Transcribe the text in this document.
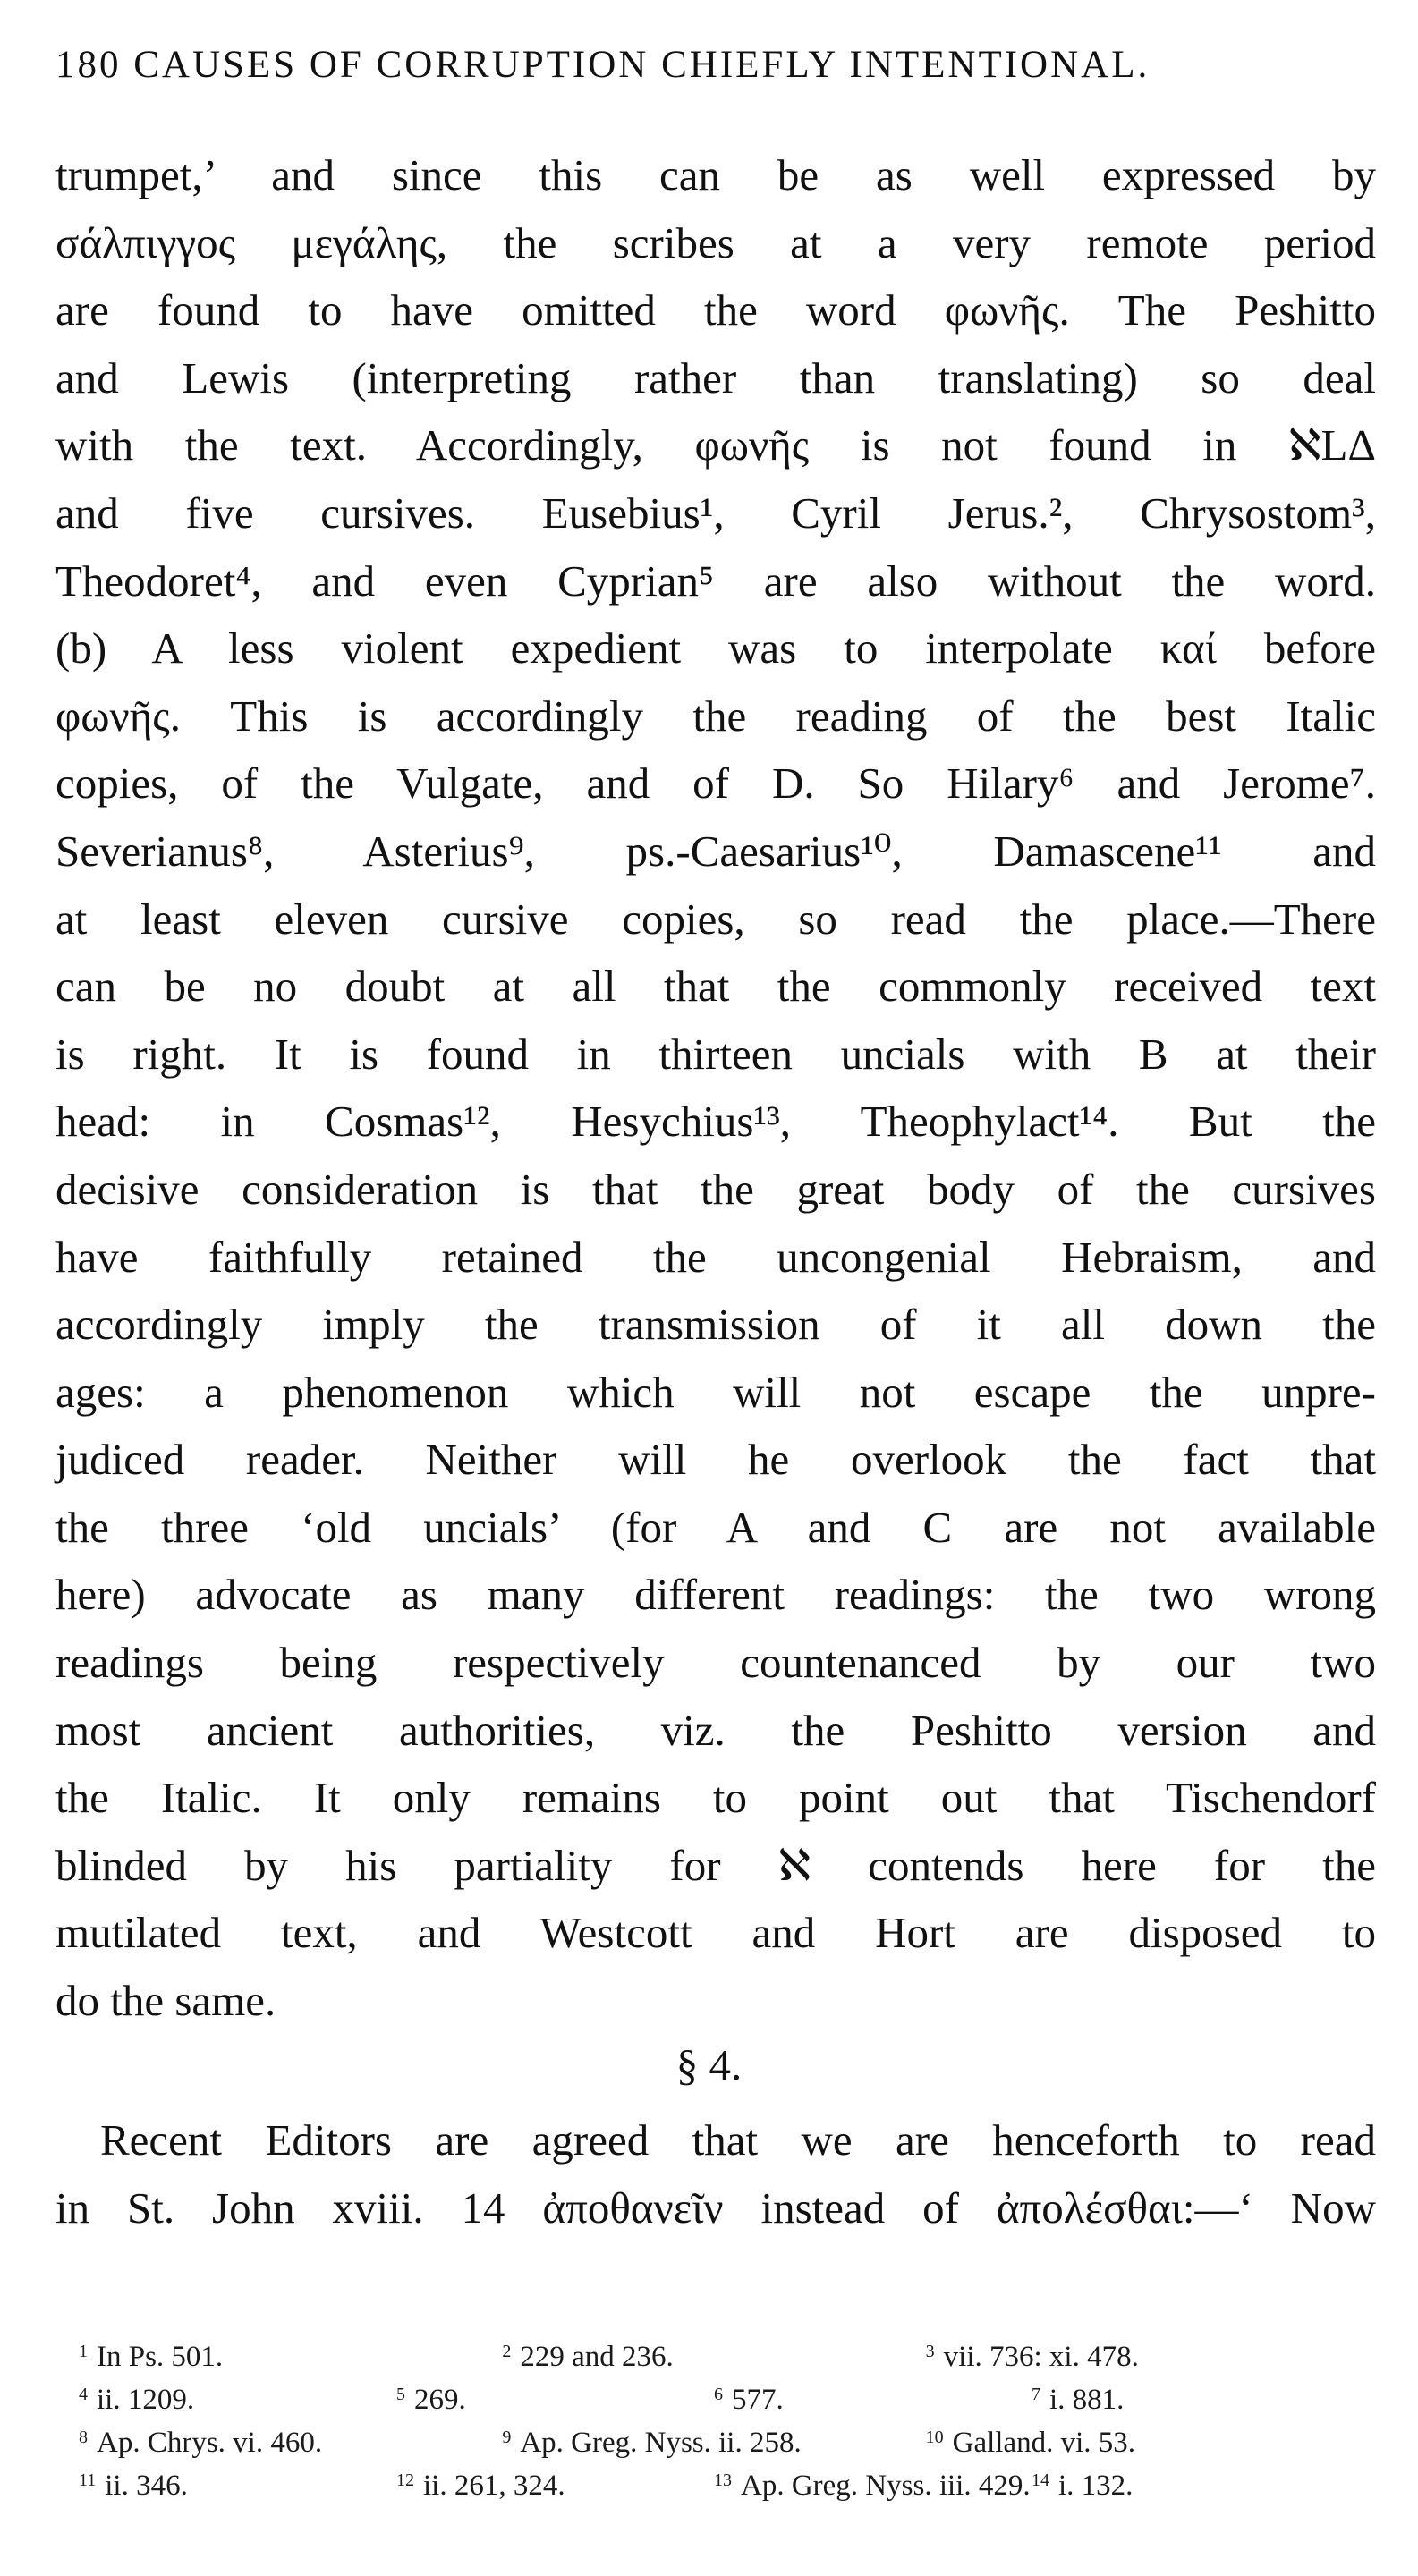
180 CAUSES OF CORRUPTION CHIEFLY INTENTIONAL.
trumpet,’ and since this can be as well expressed by
σάλπιγγος μεγάλης, the scribes at a very remote period
are found to have omitted the word φωνῆς. The Peshitto
and Lewis (interpreting rather than translating) so deal
with the text. Accordingly, φωνῆς is not found in ℵLΔ
and five cursives. Eusebius¹, Cyril Jerus.², Chrysostom³,
Theodoret⁴, and even Cyprian⁵ are also without the word.
(b) A less violent expedient was to interpolate καί before
φωνῆς. This is accordingly the reading of the best Italic
copies, of the Vulgate, and of D. So Hilary⁶ and Jerome⁷.
Severianus⁸, Asterius⁹, ps.-Caesarius¹⁰, Damascene¹¹ and
at least eleven cursive copies, so read the place.—There
can be no doubt at all that the commonly received text
is right. It is found in thirteen uncials with B at their
head: in Cosmas¹², Hesychius¹³, Theophylact¹⁴. But the
decisive consideration is that the great body of the cursives
have faithfully retained the uncongenial Hebraism, and
accordingly imply the transmission of it all down the
ages: a phenomenon which will not escape the unpre-
judiced reader. Neither will he overlook the fact that
the three ‘old uncials’ (for A and C are not available
here) advocate as many different readings: the two wrong
readings being respectively countenanced by our two
most ancient authorities, viz. the Peshitto version and
the Italic. It only remains to point out that Tischendorf
blinded by his partiality for ℵ contends here for the
mutilated text, and Westcott and Hort are disposed to
do the same.
§ 4.
Recent Editors are agreed that we are henceforth to read
in St. John xviii. 14 ἀποθανεῖν instead of ἀπολέσθαι:—‘ Now
$^1$ In Ps. 501.	$^2$ 229 and 236.	$^3$ vii. 736: xi. 478.
$^4$ ii. 1209.	$^5$ 269.	$^6$ 577.	$^7$ i. 881.
$^8$ Ap. Chrys. vi. 460.	$^9$ Ap. Greg. Nyss. ii. 258.	$^{10}$ Galland. vi. 53.
$^{11}$ ii. 346.	$^{12}$ ii. 261, 324.	$^{13}$ Ap. Greg. Nyss. iii. 429. $^{14}$ i. 132.
